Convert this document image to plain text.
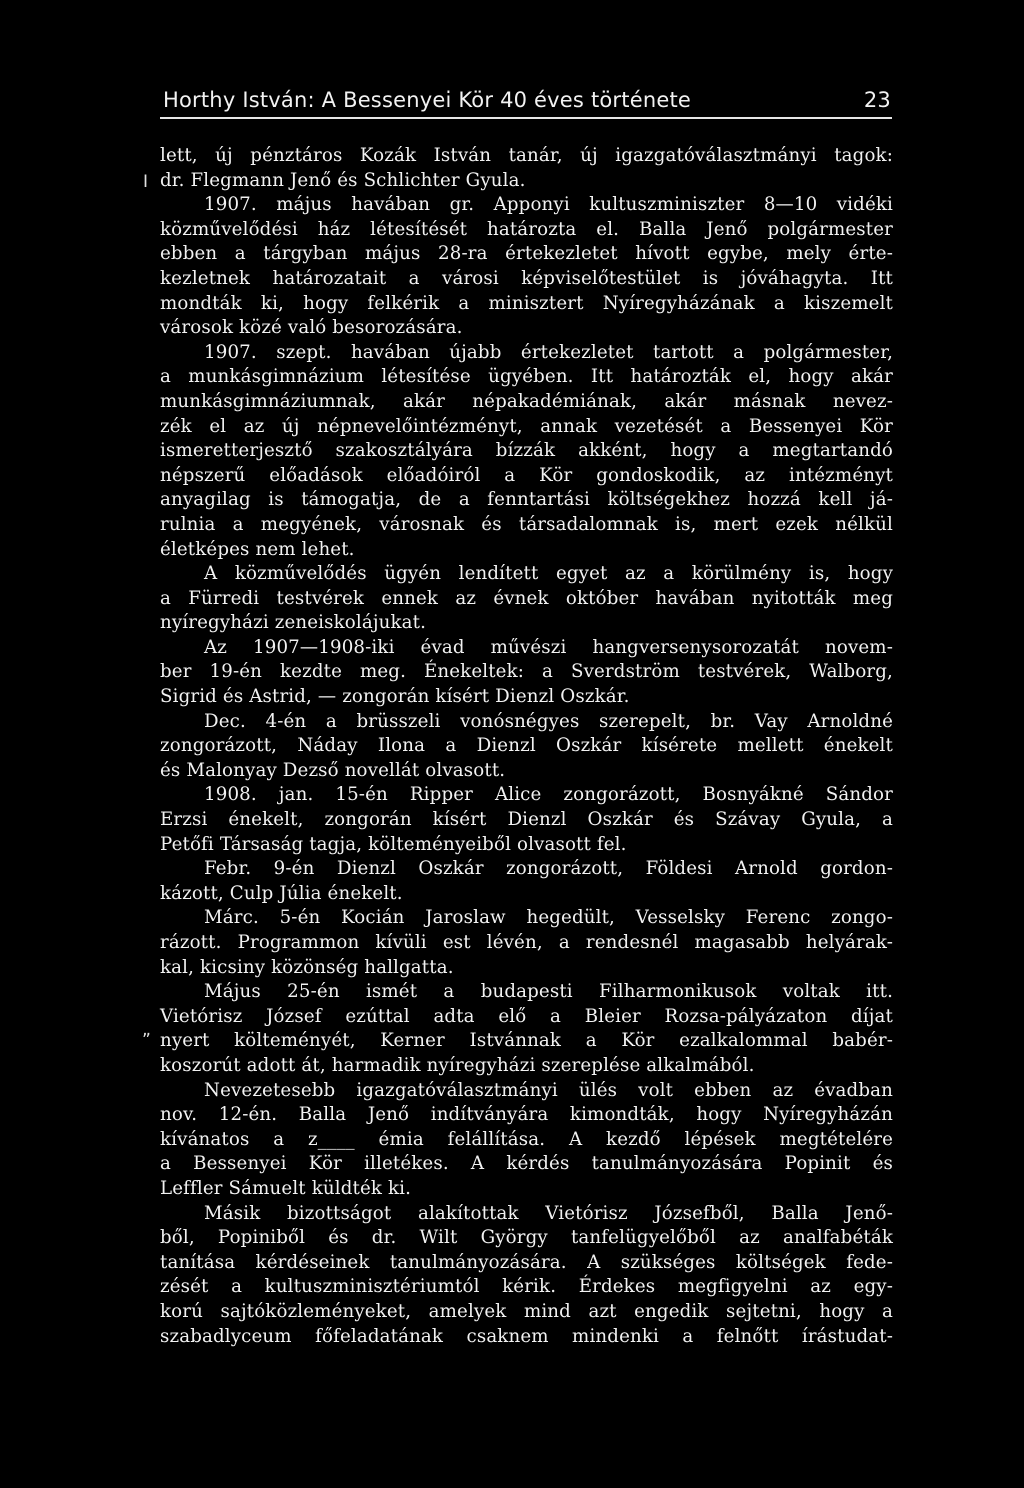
Horthy István: A Bessenyei Kör 40 éves története	23
I
„
lett, új pénztáros Kozák István tanár, új igazgatóválasztmányi tagok:
dr. Flegmann Jenő és Schlichter Gyula.
1907. május havában gr. Apponyi kultuszminiszter 8—10 vidéki
közművelődési ház létesítését határozta el. Balla Jenő polgármester
ebben a tárgyban május 28-ra értekezletet hívott egybe, mely érte-
kezletnek határozatait a városi képviselőtestület is jóváhagyta. Itt
mondták ki, hogy felkérik a minisztert Nyíregyházának a kiszemelt
városok közé való besorozására.
1907. szept. havában újabb értekezletet tartott a polgármester,
a munkásgimnázium létesítése ügyében. Itt határozták el, hogy akár
munkásgimnáziumnak, akár népakadémiának, akár másnak nevez-
zék el az új népnevelőintézményt, annak vezetését a Bessenyei Kör
ismeretterjesztő szakosztályára bízzák akként, hogy a megtartandó
népszerű előadások előadóiról a Kör gondoskodik, az intézményt
anyagilag is támogatja, de a fenntartási költségekhez hozzá kell já-
rulnia a megyének, városnak és társadalomnak is, mert ezek nélkül
életképes nem lehet.
A közművelődés ügyén lendített egyet az a körülmény is, hogy
a Fürredi testvérek ennek az évnek október havában nyitották meg
nyíregyházi zeneiskolájukat.
Az 1907—1908-iki évad művészi hangversenysorozatát novem-
ber 19-én kezdte meg. Énekeltek: a Sverdström testvérek, Walborg,
Sigrid és Astrid, — zongorán kísért Dienzl Oszkár.
Dec. 4-én a brüsszeli vonósnégyes szerepelt, br. Vay Arnoldné
zongorázott, Náday Ilona a Dienzl Oszkár kísérete mellett énekelt
és Malonyay Dezső novellát olvasott.
1908. jan. 15-én Ripper Alice zongorázott, Bosnyákné Sándor
Erzsi énekelt, zongorán kísért Dienzl Oszkár és Szávay Gyula, a
Petőfi Társaság tagja, költeményeiből olvasott fel.
Febr. 9-én Dienzl Oszkár zongorázott, Földesi Arnold gordon-
kázott, Culp Júlia énekelt.
Márc. 5-én Kocián Jaroslaw hegedült, Vesselsky Ferenc zongo-
rázott. Programmon kívüli est lévén, a rendesnél magasabb helyárak-
kal, kicsiny közönség hallgatta.
Május 25-én ismét a budapesti Filharmonikusok voltak itt.
Vietórisz József ezúttal adta elő a Bleier Rozsa-pályázaton díjat
nyert költeményét, Kerner Istvánnak a Kör ezalkalommal babér-
koszorút adott át, harmadik nyíregyházi szereplése alkalmából.
Nevezetesebb igazgatóválasztmányi ülés volt ebben az évadban
nov. 12-én. Balla Jenő indítványára kimondták, hogy Nyíregyházán
kívánatos a z____ émia felállítása. A kezdő lépések megtételére
a Bessenyei Kör illetékes. A kérdés tanulmányozására Popinit és
Leffler Sámuelt küldték ki.
Másik bizottságot alakítottak Vietórisz Józsefből, Balla Jenő-
ből, Popiniből és dr. Wilt György tanfelügyelőből az analfabéták
tanítása kérdéseinek tanulmányozására. A szükséges költségek fede-
zését a kultuszminisztériumtól kérik. Érdekes megfigyelni az egy-
korú sajtóközleményeket, amelyek mind azt engedik sejtetni, hogy a
szabadlyceum főfeladatának csaknem mindenki a felnőtt írástudat-
